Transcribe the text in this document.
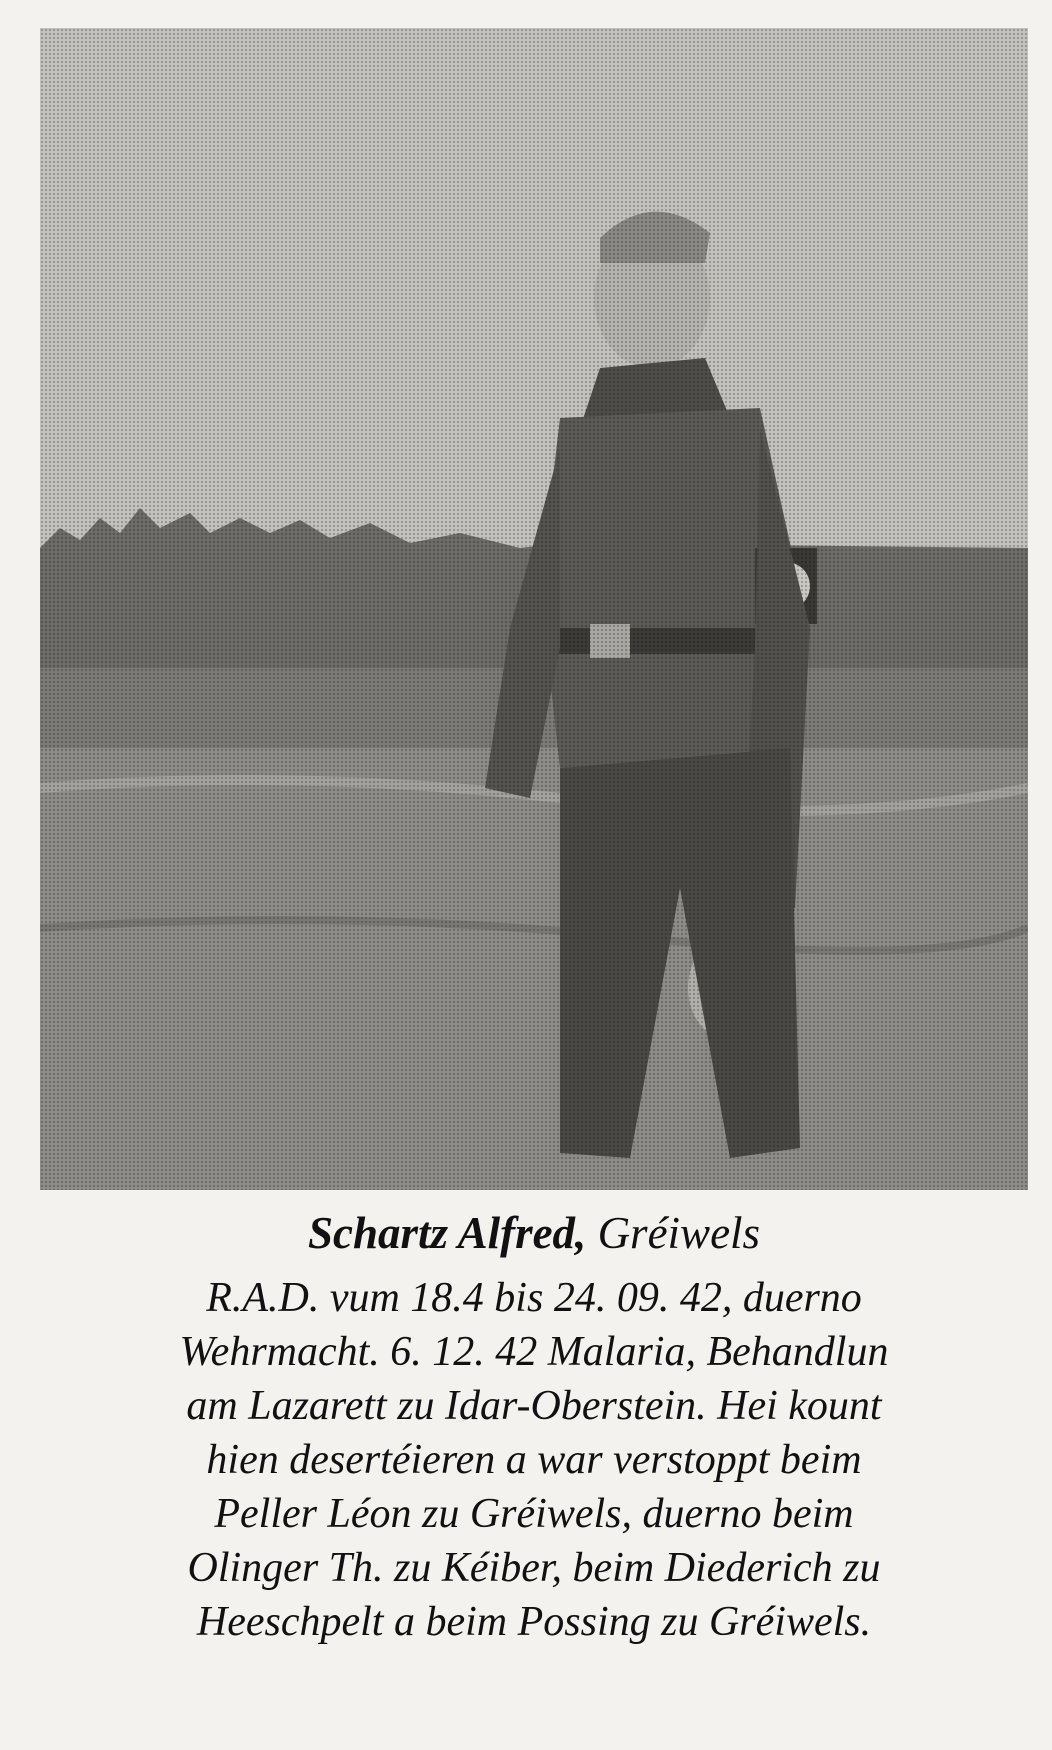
Schartz Alfred, Gréiwels
R.A.D. vum 18.4 bis 24. 09. 42, duerno
Wehrmacht. 6. 12. 42 Malaria, Behandlun
am Lazarett zu Idar-Oberstein. Hei kount
hien desertéieren a war verstoppt beim
Peller Léon zu Gréiwels, duerno beim
Olinger Th. zu Kéiber, beim Diederich zu
Heeschpelt a beim Possing zu Gréiwels.
